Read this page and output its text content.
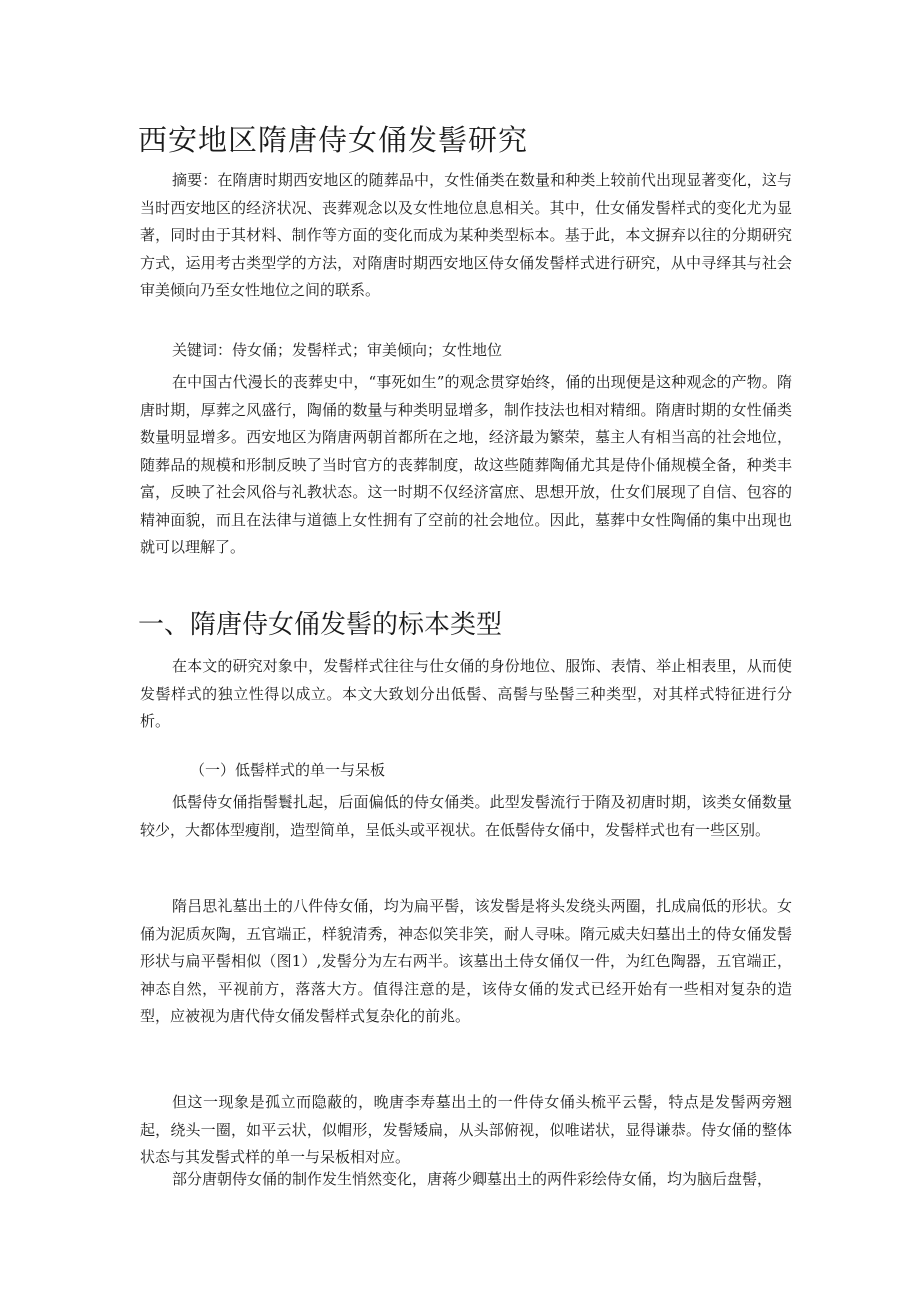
西安地区隋唐侍女俑发髻研究

摘要：在隋唐时期西安地区的随葬品中，女性俑类在数量和种类上较前代出现显著变化，这与当时西安地区的经济状况、丧葬观念以及女性地位息息相关。其中，仕女俑发髻样式的变化尤为显著，同时由于其材料、制作等方面的变化而成为某种类型标本。基于此，本文摒弃以往的分期研究方式，运用考古类型学的方法，对隋唐时期西安地区侍女俑发髻样式进行研究，从中寻绎其与社会审美倾向乃至女性地位之间的联系。

关键词：侍女俑；发髻样式；审美倾向；女性地位

在中国古代漫长的丧葬史中，“事死如生”的观念贯穿始终，俑的出现便是这种观念的产物。隋唐时期，厚葬之风盛行，陶俑的数量与种类明显增多，制作技法也相对精细。隋唐时期的女性俑类数量明显增多。西安地区为隋唐两朝首都所在之地，经济最为繁荣，墓主人有相当高的社会地位，随葬品的规模和形制反映了当时官方的丧葬制度，故这些随葬陶俑尤其是侍仆俑规模全备，种类丰富，反映了社会风俗与礼教状态。这一时期不仅经济富庶、思想开放，仕女们展现了自信、包容的精神面貌，而且在法律与道德上女性拥有了空前的社会地位。因此，墓葬中女性陶俑的集中出现也就可以理解了。

一、隋唐侍女俑发髻的标本类型

在本文的研究对象中，发髻样式往往与仕女俑的身份地位、服饰、表情、举止相表里，从而使发髻样式的独立性得以成立。本文大致划分出低髻、高髻与坠髻三种类型，对其样式特征进行分析。

（一）低髻样式的单一与呆板

低髻侍女俑指髻鬟扎起，后面偏低的侍女俑类。此型发髻流行于隋及初唐时期，该类女俑数量较少，大都体型瘦削，造型简单，呈低头或平视状。在低髻侍女俑中，发髻样式也有一些区别。

隋吕思礼墓出土的八件侍女俑，均为扁平髻，该发髻是将头发绕头两圈，扎成扁低的形状。女俑为泥质灰陶，五官端正，样貌清秀，神态似笑非笑，耐人寻味。隋元威夫妇墓出土的侍女俑发髻形状与扁平髻相似（图1）,发髻分为左右两半。该墓出土侍女俑仅一件，为红色陶器，五官端正，神态自然，平视前方，落落大方。值得注意的是，该侍女俑的发式已经开始有一些相对复杂的造型，应被视为唐代侍女俑发髻样式复杂化的前兆。

但这一现象是孤立而隐蔽的，晚唐李寿墓出土的一件侍女俑头梳平云髻，特点是发髻两旁翘起，绕头一圈，如平云状，似帽形，发髻矮扁，从头部俯视，似唯诺状，显得谦恭。侍女俑的整体状态与其发髻式样的单一与呆板相对应。

部分唐朝侍女俑的制作发生悄然变化，唐蒋少卿墓出土的两件彩绘侍女俑，均为脑后盘髻，
